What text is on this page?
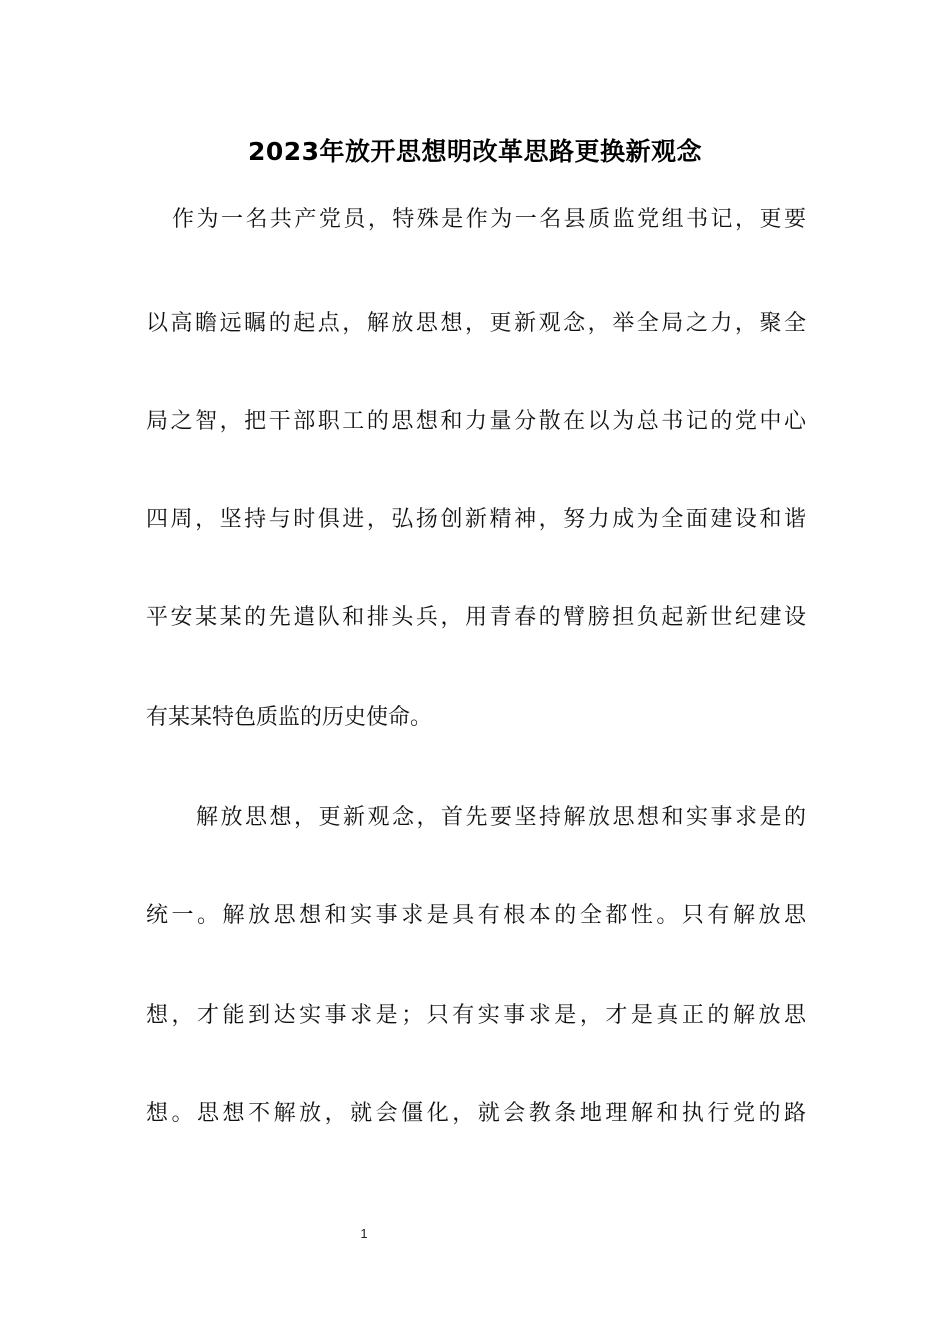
2023年放开思想明改革思路更换新观念
作为一名共产党员，特殊是作为一名县质监党组书记，更要
以高瞻远瞩的起点，解放思想，更新观念，举全局之力，聚全
局之智，把干部职工的思想和力量分散在以为总书记的党中心
四周，坚持与时俱进，弘扬创新精神，努力成为全面建设和谐
平安某某的先遣队和排头兵，用青春的臂膀担负起新世纪建设
有某某特色质监的历史使命。
解放思想，更新观念，首先要坚持解放思想和实事求是的
统一。解放思想和实事求是具有根本的全都性。只有解放思
想，才能到达实事求是；只有实事求是，才是真正的解放思
想。思想不解放，就会僵化，就会教条地理解和执行党的路
1
